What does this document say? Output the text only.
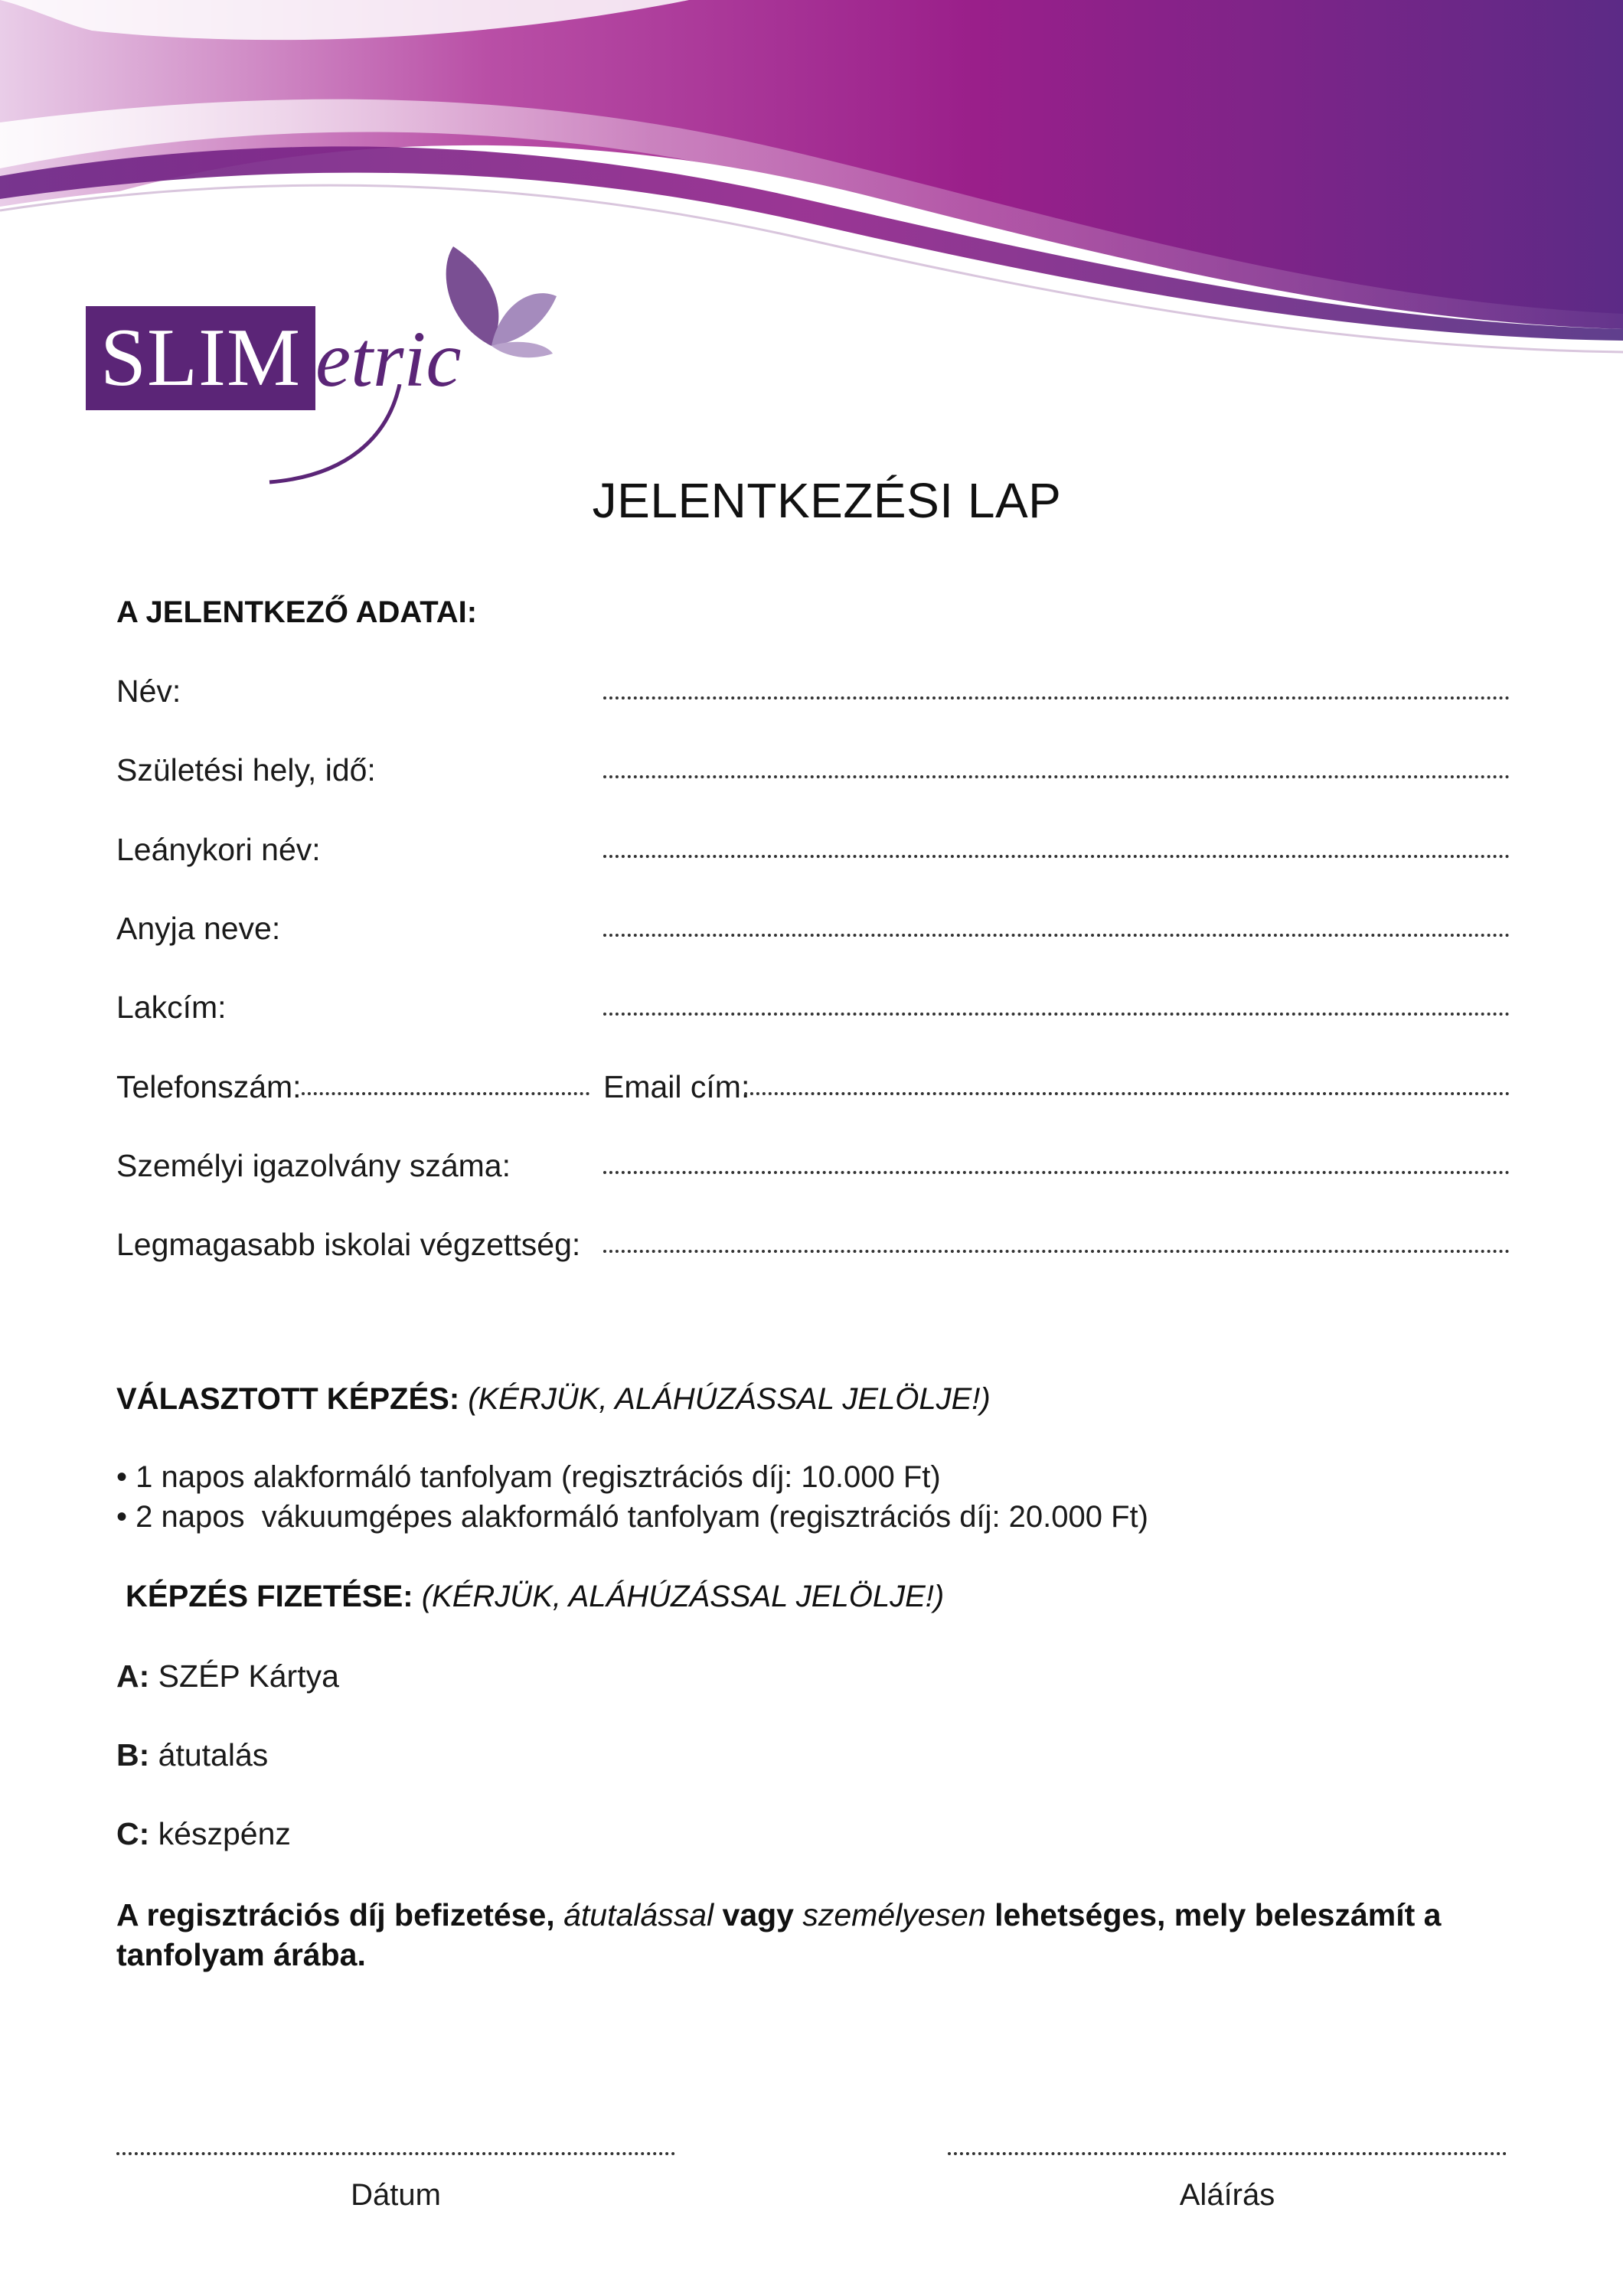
SLIM etric
JELENTKEZÉSI LAP
A JELENTKEZŐ ADATAI:
Név:
Születési hely, idő:
Leánykori név:
Anyja neve:
Lakcím:
Telefonszám:	Email cím:
Személyi igazolvány száma:
Legmagasabb iskolai végzettség:
VÁLASZTOTT KÉPZÉS: (KÉRJÜK, ALÁHÚZÁSSAL JELÖLJE!)
• 1 napos alakformáló tanfolyam (regisztrációs díj: 10.000 Ft)
• 2 napos  vákuumgépes alakformáló tanfolyam (regisztrációs díj: 20.000 Ft)
KÉPZÉS FIZETÉSE: (KÉRJÜK, ALÁHÚZÁSSAL JELÖLJE!)
A: SZÉP Kártya
B: átutalás
C: készpénz
A regisztrációs díj befizetése, átutalással vagy személyesen lehetséges, mely beleszámít a tanfolyam árába.
Dátum	Aláírás
